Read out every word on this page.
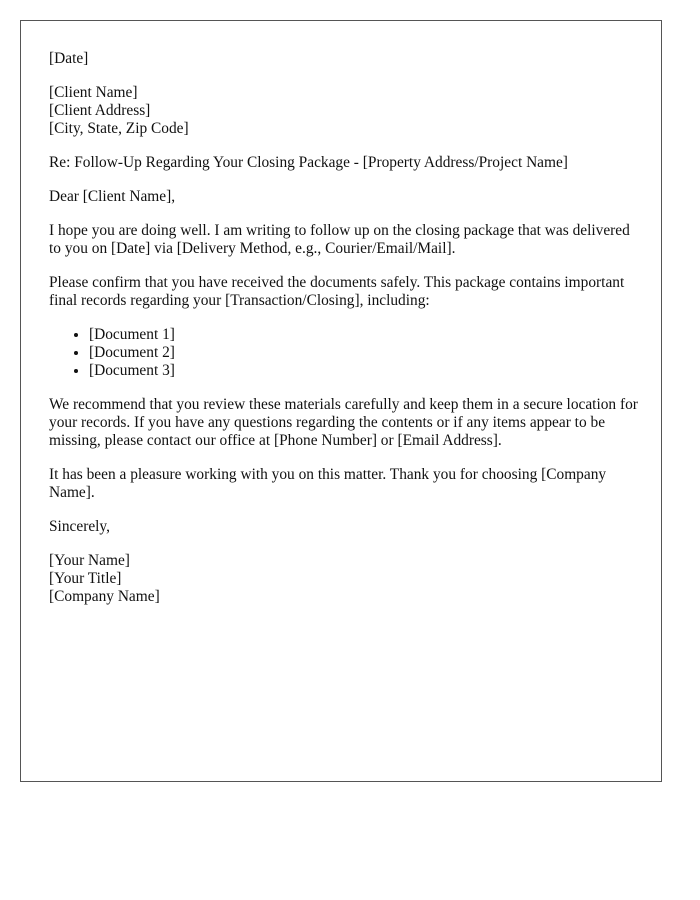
[Date]
[Client Name]
[Client Address]
[City, State, Zip Code]
Re: Follow-Up Regarding Your Closing Package - [Property Address/Project Name]
Dear [Client Name],

I hope you are doing well. I am writing to follow up on the closing package that was delivered to you on [Date] via [Delivery Method, e.g., Courier/Email/Mail].

Please confirm that you have received the documents safely. This package contains important final records regarding your [Transaction/Closing], including:

• [Document 1]
• [Document 2]
• [Document 3]

We recommend that you review these materials carefully and keep them in a secure location for your records. If you have any questions regarding the contents or if any items appear to be missing, please contact our office at [Phone Number] or [Email Address].

It has been a pleasure working with you on this matter. Thank you for choosing [Company Name].

Sincerely,
[Your Name]
[Your Title]
[Company Name]
